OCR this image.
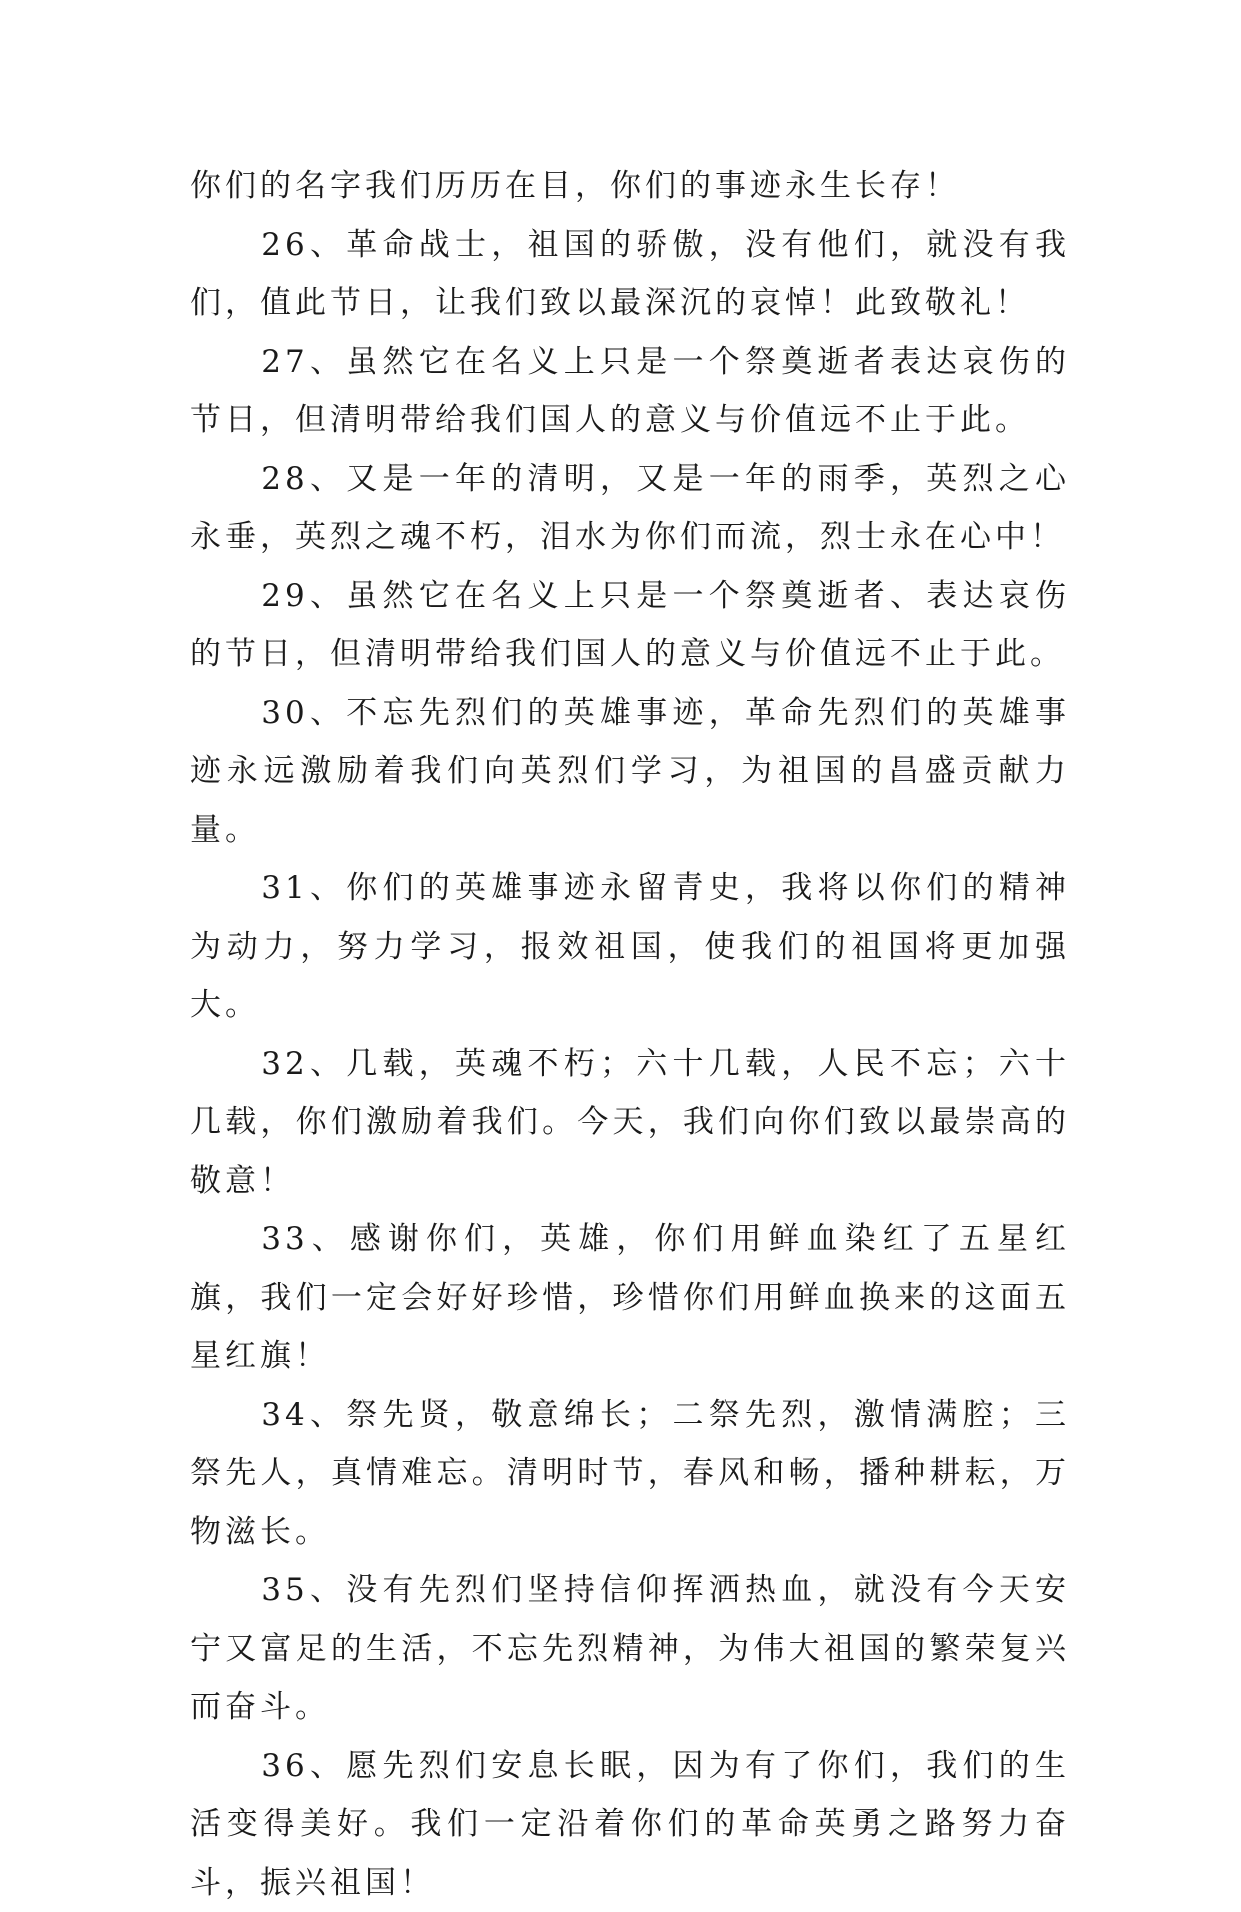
你们的名字我们历历在目，你们的事迹永生长存！

26、革命战士，祖国的骄傲，没有他们，就没有我们，值此节日，让我们致以最深沉的哀悼！此致敬礼！

27、虽然它在名义上只是一个祭奠逝者表达哀伤的节日，但清明带给我们国人的意义与价值远不止于此。

28、又是一年的清明，又是一年的雨季，英烈之心永垂，英烈之魂不朽，泪水为你们而流，烈士永在心中！

29、虽然它在名义上只是一个祭奠逝者、表达哀伤的节日，但清明带给我们国人的意义与价值远不止于此。

30、不忘先烈们的英雄事迹，革命先烈们的英雄事迹永远激励着我们向英烈们学习，为祖国的昌盛贡献力量。

31、你们的英雄事迹永留青史，我将以你们的精神为动力，努力学习，报效祖国，使我们的祖国将更加强大。

32、几载，英魂不朽；六十几载，人民不忘；六十几载，你们激励着我们。今天，我们向你们致以最崇高的敬意！

33、感谢你们，英雄，你们用鲜血染红了五星红旗，我们一定会好好珍惜，珍惜你们用鲜血换来的这面五星红旗！

34、祭先贤，敬意绵长；二祭先烈，激情满腔；三祭先人，真情难忘。清明时节，春风和畅，播种耕耘，万物滋长。

35、没有先烈们坚持信仰挥洒热血，就没有今天安宁又富足的生活，不忘先烈精神，为伟大祖国的繁荣复兴而奋斗。

36、愿先烈们安息长眠，因为有了你们，我们的生活变得美好。我们一定沿着你们的革命英勇之路努力奋斗，振兴祖国！
